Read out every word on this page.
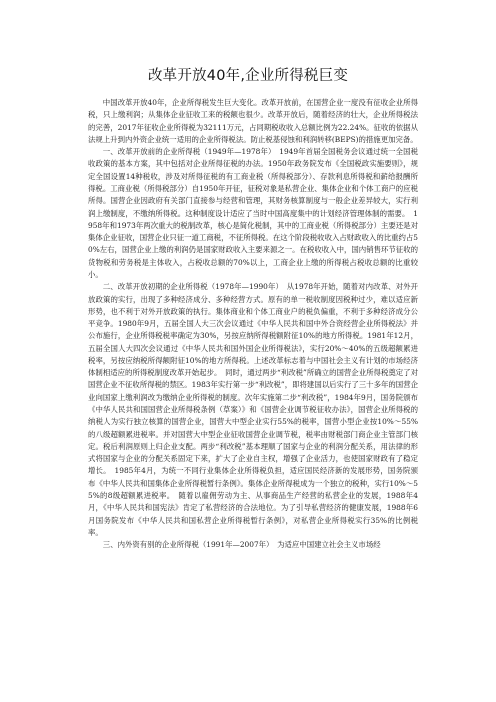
改革开放40年,企业所得税巨变

中国改革开放40年，企业所得税发生巨大变化。改革开放前，在国营企业一度没有征收企业所得税，只上缴利润；从集体企业征收工来的税额也很少。改革开放后，随着经济的壮大，企业所得税法的完善，2017年征收企业所得税为32111万元，占同期税收收入总额比例为22.24%。征收的依据从法规上升到内外资企业统一适用的企业所得税法。防止税基侵蚀和利润转移(BEPS)的措施更加完备。

一、改革开放前的企业所得税（1949年—1978年）　1949年首届全国税务会议通过统一全国税收政策的基本方案，其中包括对企业所得征税的办法。1950年政务院发布《全国税政实施要则》，规定全国设置14种税收，涉及对所得征税的有工商业税（所得税部分）、存款利息所得税和薪给报酬所得税。工商业税（所得税部分）自1950年开征，征税对象是私营企业、集体企业和个体工商户的应税所得。国营企业因政府有关部门直接参与经营和管理，其财务核算制度与一般企业差异较大，实行利润上缴制度，不缴纳所得税。这种制度设计适应了当时中国高度集中的计划经济管理体制的需要。　1958年和1973年两次重大的税制改革，核心是简化税制，其中的工商业税（所得税部分）主要还是对集体企业征收，国营企业只征一道工商税，不征所得税。在这个阶段税收收入占财政收入的比重约占50%左右，国营企业上缴的利润仍是国家财政收入主要来源之一。在税收收入中，国内销售环节征收的货物税和劳务税是主体收入，占税收总额的70%以上，工商企业上缴的所得税占税收总额的比重较小。

二、改革开放初期的企业所得税（1978年—1990年）　从1978年开始，随着对内改革、对外开放政策的实行，出现了多种经济成分、多种经营方式。原有的单一税收制度因税种过少，难以适应新形势，也不利于对外开放政策的执行。集体商业和个体工商业户的税负偏重，不利于多种经济成分公平竞争。1980年9月，五届全国人大三次会议通过《中华人民共和国中外合资经营企业所得税法》并公布施行，企业所得税税率确定为30%，另按应纳所得税额附征10%的地方所得税。1981年12月，五届全国人大四次会议通过《中华人民共和国外国企业所得税法》，实行20%～40%的五级超额累进税率，另按应纳税所得额附征10%的地方所得税。上述改革标志着与中国社会主义有计划的市场经济体制相适应的所得税制度改革开始起步。　同时，通过两步“利改税”所确立的国营企业所得税奠定了对国营企业不征收所得税的禁区。1983年实行第一步“利改税”，即将建国以后实行了三十多年的国营企业向国家上缴利润改为缴纳企业所得税的制度。次年实施第二步“利改税”，1984年9月，国务院颁布《中华人民共和国国营企业所得税条例（草案）》和《国营企业调节税征收办法》，国营企业所得税的纳税人为实行独立核算的国营企业，国营大中型企业实行55%的税率，国营小型企业按10%～55%的八级超额累进税率。并对国营大中型企业征收国营企业调节税，税率由财税部门商企业主管部门核定。税后利润原则上归企业支配。两步“利改税”基本理顺了国家与企业的利润分配关系，用法律的形式将国家与企业的分配关系固定下来，扩大了企业自主权，增强了企业活力，也使国家财政有了稳定增长。　1985年4月，为统一不同行业集体企业所得税负担，适应国民经济新的发展形势，国务院颁布《中华人民共和国集体企业所得税暂行条例》。集体企业所得税成为一个独立的税种，实行10%～55%的8级超额累进税率。　随着以雇佣劳动为主、从事商品生产经营的私营企业的发展，1988年4月，《中华人民共和国宪法》肯定了私营经济的合法地位。为了引导私营经济的健康发展，1988年6月国务院发布《中华人民共和国私营企业所得税暂行条例》，对私营企业所得税实行35%的比例税率。

三、内外资有别的企业所得税（1991年—2007年）　为适应中国建立社会主义市场经
